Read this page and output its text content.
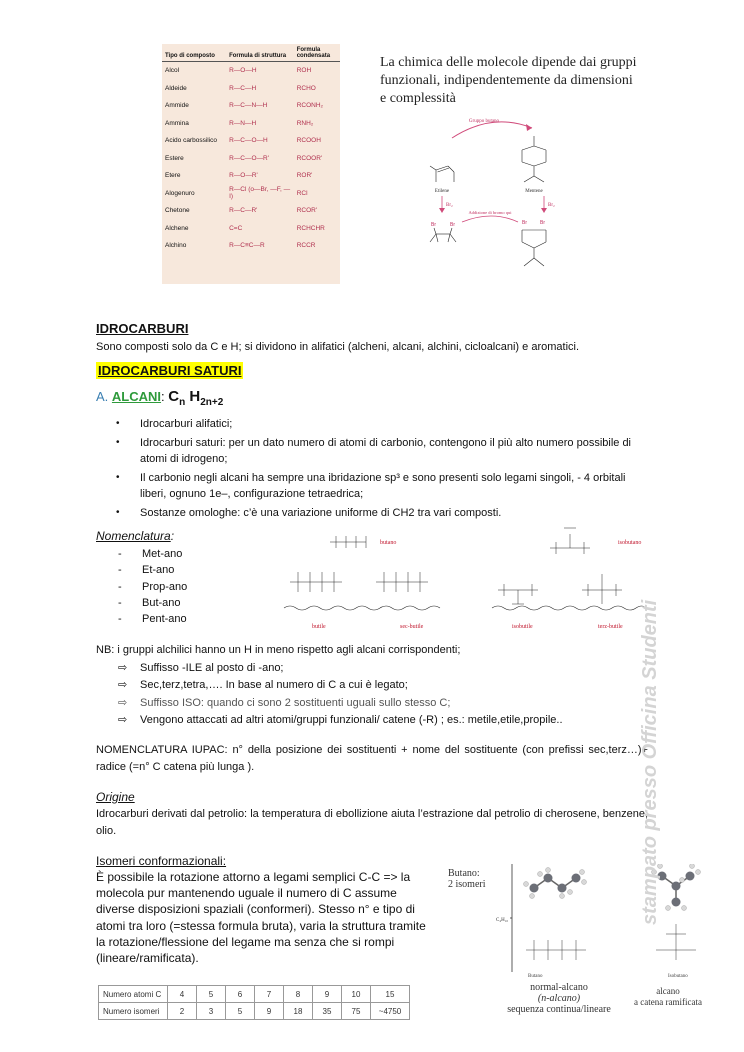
Tipo di composto	Formula di struttura	Formula condensata
Alcol	R—O—H	ROH
Aldeide	R—C—H	RCHO
Ammide	R—C—N—H	RCONH₂
Ammina	R—N—H	RNH₂
Acido carbossilico	R—C—O—H	RCOOH
Estere	R—C—O—R'	RCOOR'
Etere	R—O—R'	ROR'
Alogenuro	R—Cl (o—Br, —F, —I)	RCl
Chetone	R—C—R'	RCOR'
Alchene	C=C	RCHCHR
Alchino	R—C≡C—R	RCCR
La chimica delle molecole dipende dai gruppi funzionali, indipendentemente da dimensioni e complessità
Gruppo butano
Etilene	Mentene
Br₂	Br₂
Addizione di bromo qui
Br	Br	Br	Br
IDROCARBURI
Sono composti solo da C e H; si dividono in alifatici (alcheni, alcani, alchini, cicloalcani) e aromatici.
IDROCARBURI SATURI
A. ALCANI: $C_n$ $H_{2n+2}$
• Idrocarburi alifatici;
• Idrocarburi saturi: per un dato numero di atomi di carbonio, contengono il più alto numero possibile di atomi di idrogeno;
• Il carbonio negli alcani ha sempre una ibridazione sp³ e sono presenti solo legami singoli, - 4 orbitali liberi, ognuno 1e–, configurazione tetraedrica;
• Sostanze omologhe: c’è una variazione uniforme di CH2 tra vari composti.
Nomenclatura:
- Met-ano
- Et-ano
- Prop-ano
- But-ano
- Pent-ano
butano	isobutano
butile	sec-butile	isobutile	terz-butile
NB: i gruppi alchilici hanno un H in meno rispetto agli alcani corrispondenti;
⇨ Suffisso -ILE al posto di -ano;
⇨ Sec,terz,tetra,…. In base al numero di C a cui è legato;
⇨ Suffisso ISO: quando ci sono 2 sostituenti uguali sullo stesso C;
⇨ Vengono attaccati ad altri atomi/gruppi funzionali/ catene (-R) ; es.: metile,etile,propile..
NOMENCLATURA IUPAC: n° della posizione dei sostituenti + nome del sostituente (con prefissi sec,terz…)+ radice (=n° C catena più lunga ).
Origine
Idrocarburi derivati dal petrolio: la temperatura di ebollizione aiuta l’estrazione dal petrolio di cherosene, benzene, olio.
Isomeri conformazionali:
È possibile la rotazione attorno a legami semplici C-C => la molecola pur mantenendo uguale il numero di C assume diverse disposizioni spaziali (conformeri). Stesso n° e tipo di atomi tra loro (=stessa formula bruta), varia la struttura tramite la rotazione/flessione del legame ma senza che si rompi (lineare/ramificata).
Numero atomi C	4	5	6	7	8	9	10	15
Numero isomeri	2	3	5	9	18	35	75	~4750
Butano:
2 isomeri
C₄H₁₀
Butano	Isobutano
normal-alcano
(n-alcano)
sequenza continua/lineare
alcano
a catena ramificata
stampato presso Officina Studenti
